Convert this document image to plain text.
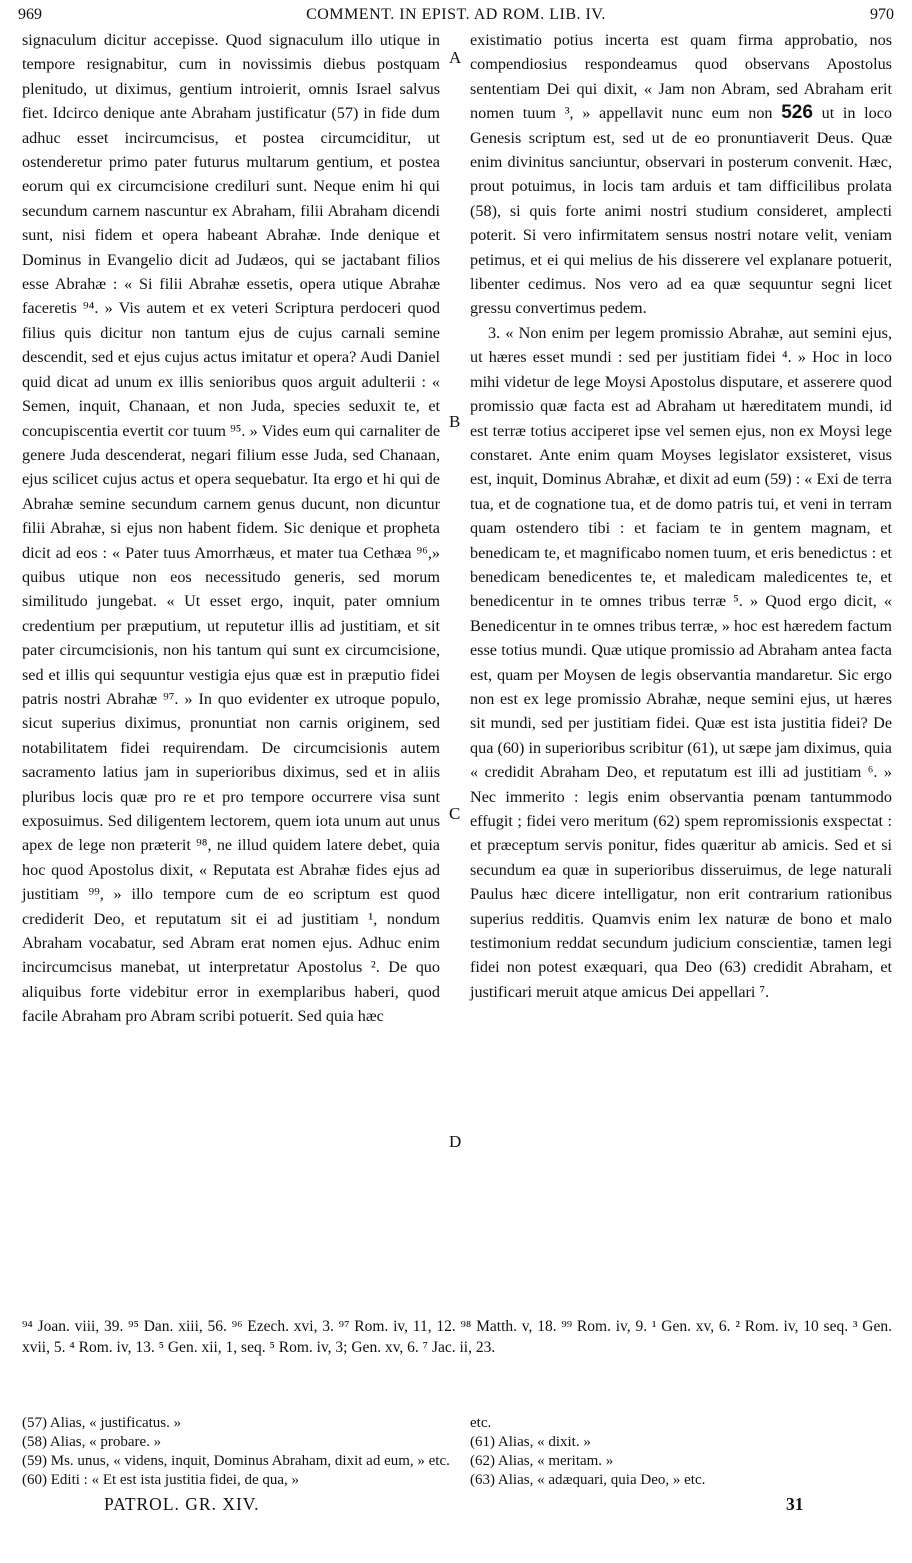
969	COMMENT. IN EPIST. AD ROM. LIB. IV.	970

signaculum dicitur accepisse. Quod signaculum illo utique in tempore resignabitur, cum in novissimis diebus postquam plenitudo, ut diximus, gentium introierit, omnis Israel salvus fiet. Idcirco denique ante Abraham justificatur (57) in fide dum adhuc esset incircumcisus, et postea circumciditur, ut ostenderetur primo pater futurus multarum gentium, et postea eorum qui ex circumcisione crediluri sunt. Neque enim hi qui secundum carnem nascuntur ex Abraham, filii Abraham dicendi sunt, nisi fidem et opera habeant Abrahæ. Inde denique et Dominus in Evangelio dicit ad Judæos, qui se jactabant filios esse Abrahæ : « Si filii Abrahæ essetis, opera utique Abrahæ faceretis ⁹⁴. » Vis autem et ex veteri Scriptura perdoceri quod filius quis dicitur non tantum ejus de cujus carnali semine descendit, sed et ejus cujus actus imitatur et opera? Audi Daniel quid dicat ad unum ex illis senioribus quos arguit adulterii : « Semen, inquit, Chanaan, et non Juda, species seduxit te, et concupiscentia evertit cor tuum ⁹⁵. » Vides eum qui carnaliter de genere Juda descenderat, negari filium esse Juda, sed Chanaan, ejus scilicet cujus actus et opera sequebatur. Ita ergo et hi qui de Abrahæ semine secundum carnem genus ducunt, non dicuntur filii Abrahæ, si ejus non habent fidem. Sic denique et propheta dicit ad eos : « Pater tuus Amorrhæus, et mater tua Cethæa ⁹⁶,» quibus utique non eos necessitudo generis, sed morum similitudo jungebat. « Ut esset ergo, inquit, pater omnium credentium per præputium, ut reputetur illis ad justitiam, et sit pater circumcisionis, non his tantum qui sunt ex circumcisione, sed et illis qui sequuntur vestigia ejus quæ est in præputio fidei patris nostri Abrahæ ⁹⁷. » In quo evidenter ex utroque populo, sicut superius diximus, pronuntiat non carnis originem, sed notabilitatem fidei requirendam. De circumcisionis autem sacramento latius jam in superioribus diximus, sed et in aliis pluribus locis quæ pro re et pro tempore occurrere visa sunt exposuimus. Sed diligentem lectorem, quem iota unum aut unus apex de lege non præterit ⁹⁸, ne illud quidem latere debet, quia hoc quod Apostolus dixit, « Reputata est Abrahæ fides ejus ad justitiam ⁹⁹, » illo tempore cum de eo scriptum est quod crediderit Deo, et reputatum sit ei ad justitiam ¹, nondum Abraham vocabatur, sed Abram erat nomen ejus. Adhuc enim incircumcisus manebat, ut interpretatur Apostolus ². De quo aliquibus forte videbitur error in exemplaribus haberi, quod facile Abraham pro Abram scribi potuerit. Sed quia hæc

A
B
C
D

existimatio potius incerta est quam firma approbatio, nos compendiosius respondeamus quod observans Apostolus sententiam Dei qui dixit, « Jam non Abram, sed Abraham erit nomen tuum ³, » appellavit nunc eum non 526 ut in loco Genesis scriptum est, sed ut de eo pronuntiaverit Deus. Quæ enim divinitus sanciuntur, observari in posterum convenit. Hæc, prout potuimus, in locis tam arduis et tam difficilibus prolata (58), si quis forte animi nostri studium consideret, amplecti poterit. Si vero infirmitatem sensus nostri notare velit, veniam petimus, et ei qui melius de his disserere vel explanare potuerit, libenter cedimus. Nos vero ad ea quæ sequuntur segni licet gressu convertimus pedem.

3. « Non enim per legem promissio Abrahæ, aut semini ejus, ut hæres esset mundi : sed per justitiam fidei ⁴. » Hoc in loco mihi videtur de lege Moysi Apostolus disputare, et asserere quod promissio quæ facta est ad Abraham ut hæreditatem mundi, id est terræ totius acciperet ipse vel semen ejus, non ex Moysi lege constaret. Ante enim quam Moyses legislator exsisteret, visus est, inquit, Dominus Abrahæ, et dixit ad eum (59) : « Exi de terra tua, et de cognatione tua, et de domo patris tui, et veni in terram quam ostendero tibi : et faciam te in gentem magnam, et benedicam te, et magnificabo nomen tuum, et eris benedictus : et benedicam benedicentes te, et maledicam maledicentes te, et benedicentur in te omnes tribus terræ ⁵. » Quod ergo dicit, « Benedicentur in te omnes tribus terræ, » hoc est hæredem factum esse totius mundi. Quæ utique promissio ad Abraham antea facta est, quam per Moysen de legis observantia mandaretur. Sic ergo non est ex lege promissio Abrahæ, neque semini ejus, ut hæres sit mundi, sed per justitiam fidei. Quæ est ista justitia fidei? De qua (60) in superioribus scribitur (61), ut sæpe jam diximus, quia « credidit Abraham Deo, et reputatum est illi ad justitiam ⁶. » Nec immerito : legis enim observantia pœnam tantummodo effugit ; fidei vero meritum (62) spem repromissionis exspectat : et præceptum servis ponitur, fides quæritur ab amicis. Sed et si secundum ea quæ in superioribus disseruimus, de lege naturali Paulus hæc dicere intelligatur, non erit contrarium rationibus superius redditis. Quamvis enim lex naturæ de bono et malo testimonium reddat secundum judicium conscientiæ, tamen legi fidei non potest exæquari, qua Deo (63) credidit Abraham, et justificari meruit atque amicus Dei appellari ⁷.

⁹⁴ Joan. viii, 39. ⁹⁵ Dan. xiii, 56. ⁹⁶ Ezech. xvi, 3. ⁹⁷ Rom. iv, 11, 12. ⁹⁸ Matth. v, 18. ⁹⁹ Rom. iv, 9. ¹ Gen. xv, 6. ² Rom. iv, 10 seq. ³ Gen. xvii, 5. ⁴ Rom. iv, 13. ⁵ Gen. xii, 1, seq. ⁵ Rom. iv, 3; Gen. xv, 6. ⁷ Jac. ii, 23.
(57) Alias, « justificatus. »
(58) Alias, « probare. »
(59) Ms. unus, « videns, inquit, Dominus Abraham, dixit ad eum, » etc.
(60) Editi : « Et est ista justitia fidei, de qua, »
etc.
(61) Alias, « dixit. »
(62) Alias, « meritam. »
(63) Alias, « adæquari, quia Deo, » etc.
PATROL. GR. XIV.	31
